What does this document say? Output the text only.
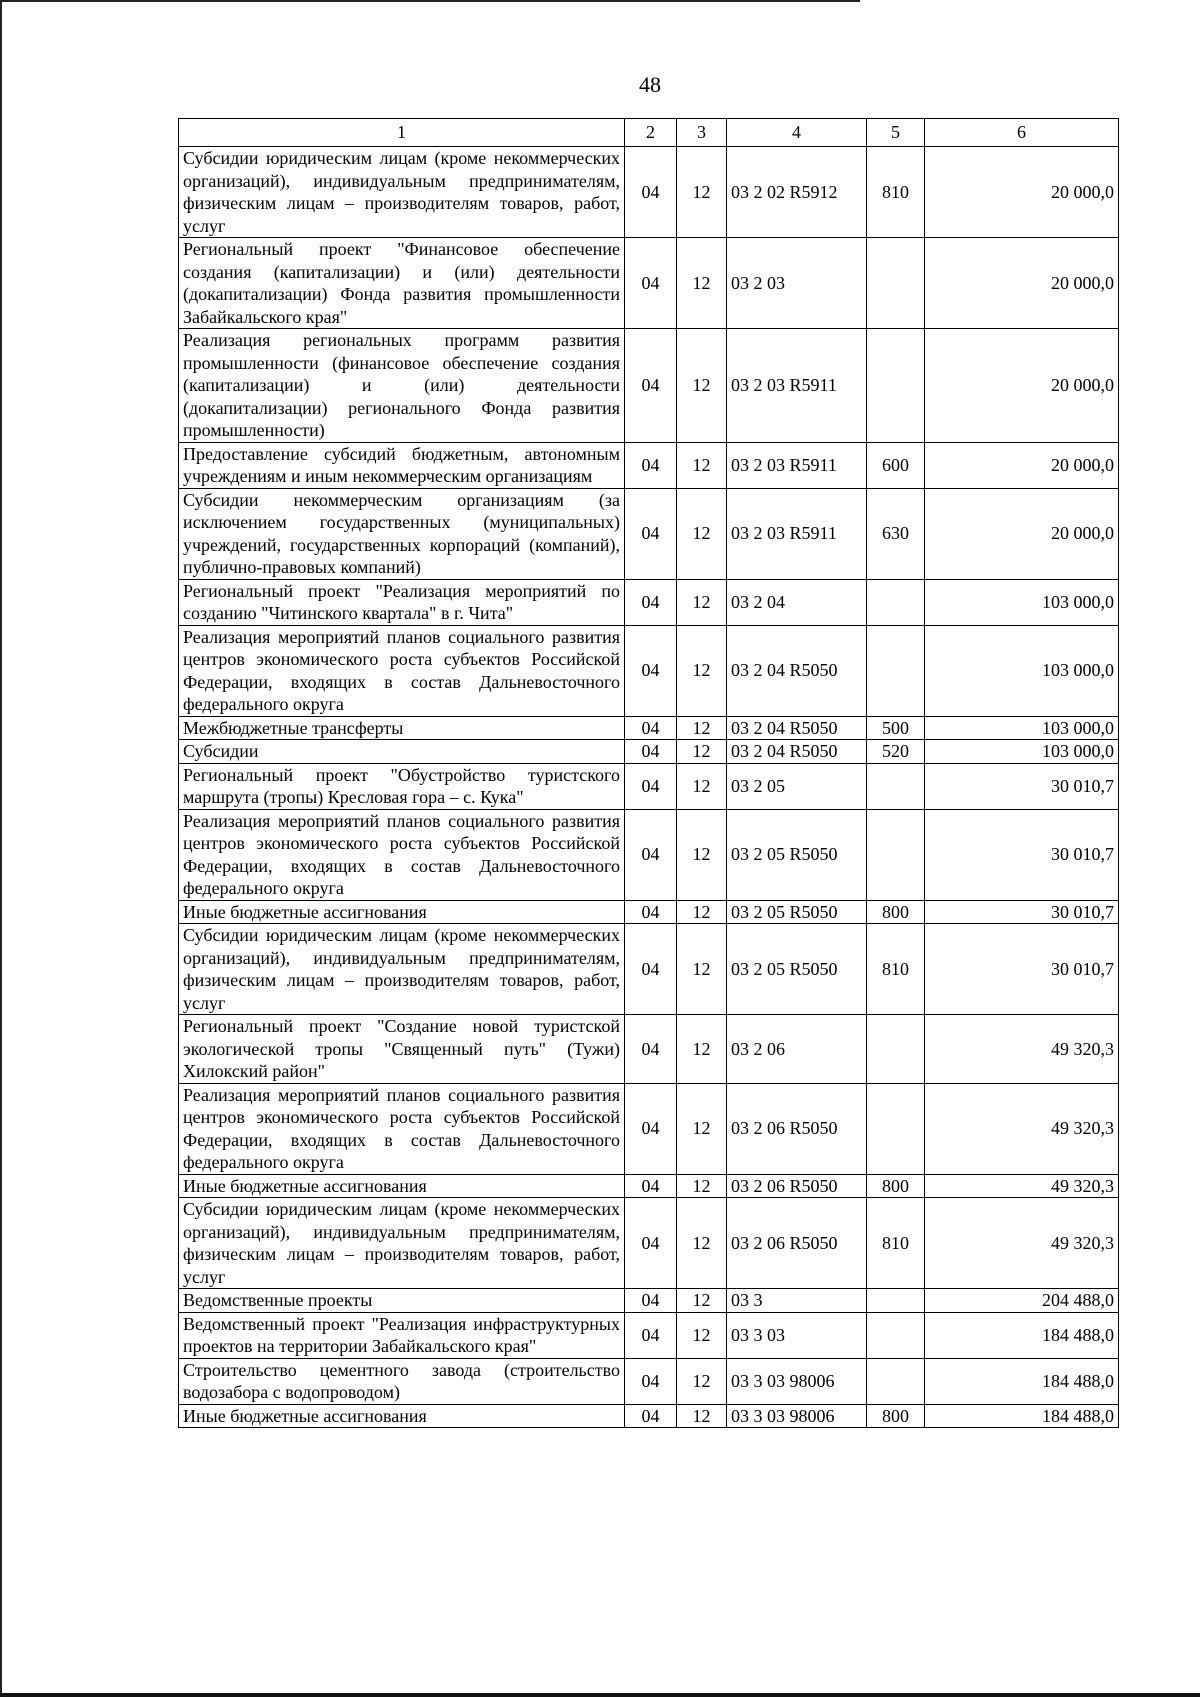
48
1	2	3	4	5	6
Субсидии юридическим лицам (кроме некоммерческих организаций), индивидуальным предпринимателям, физическим лицам – производителям товаров, работ, услуг	04	12	03 2 02 R5912	810	20 000,0
Региональный проект "Финансовое обеспечение создания (капитализации) и (или) деятельности (докапитализации) Фонда развития промышленности Забайкальского края"	04	12	03 2 03		20 000,0
Реализация региональных программ развития промышленности (финансовое обеспечение создания (капитализации) и (или) деятельности (докапитализации) регионального Фонда развития промышленности)	04	12	03 2 03 R5911		20 000,0
Предоставление субсидий бюджетным, автономным учреждениям и иным некоммерческим организациям	04	12	03 2 03 R5911	600	20 000,0
Субсидии некоммерческим организациям (за исключением государственных (муниципальных) учреждений, государственных корпораций (компаний), публично-правовых компаний)	04	12	03 2 03 R5911	630	20 000,0
Региональный проект "Реализация мероприятий по созданию "Читинского квартала" в г. Чита"	04	12	03 2 04		103 000,0
Реализация мероприятий планов социального развития центров экономического роста субъектов Российской Федерации, входящих в состав Дальневосточного федерального округа	04	12	03 2 04 R5050		103 000,0
Межбюджетные трансферты	04	12	03 2 04 R5050	500	103 000,0
Субсидии	04	12	03 2 04 R5050	520	103 000,0
Региональный проект "Обустройство туристского маршрута (тропы) Кресловая гора – с. Кука"	04	12	03 2 05		30 010,7
Реализация мероприятий планов социального развития центров экономического роста субъектов Российской Федерации, входящих в состав Дальневосточного федерального округа	04	12	03 2 05 R5050		30 010,7
Иные бюджетные ассигнования	04	12	03 2 05 R5050	800	30 010,7
Субсидии юридическим лицам (кроме некоммерческих организаций), индивидуальным предпринимателям, физическим лицам – производителям товаров, работ, услуг	04	12	03 2 05 R5050	810	30 010,7
Региональный проект "Создание новой туристской экологической тропы "Священный путь" (Тужи) Хилокский район"	04	12	03 2 06		49 320,3
Реализация мероприятий планов социального развития центров экономического роста субъектов Российской Федерации, входящих в состав Дальневосточного федерального округа	04	12	03 2 06 R5050		49 320,3
Иные бюджетные ассигнования	04	12	03 2 06 R5050	800	49 320,3
Субсидии юридическим лицам (кроме некоммерческих организаций), индивидуальным предпринимателям, физическим лицам – производителям товаров, работ, услуг	04	12	03 2 06 R5050	810	49 320,3
Ведомственные проекты	04	12	03 3		204 488,0
Ведомственный проект "Реализация инфраструктурных проектов на территории Забайкальского края"	04	12	03 3 03		184 488,0
Строительство цементного завода (строительство водозабора с водопроводом)	04	12	03 3 03 98006		184 488,0
Иные бюджетные ассигнования	04	12	03 3 03 98006	800	184 488,0
